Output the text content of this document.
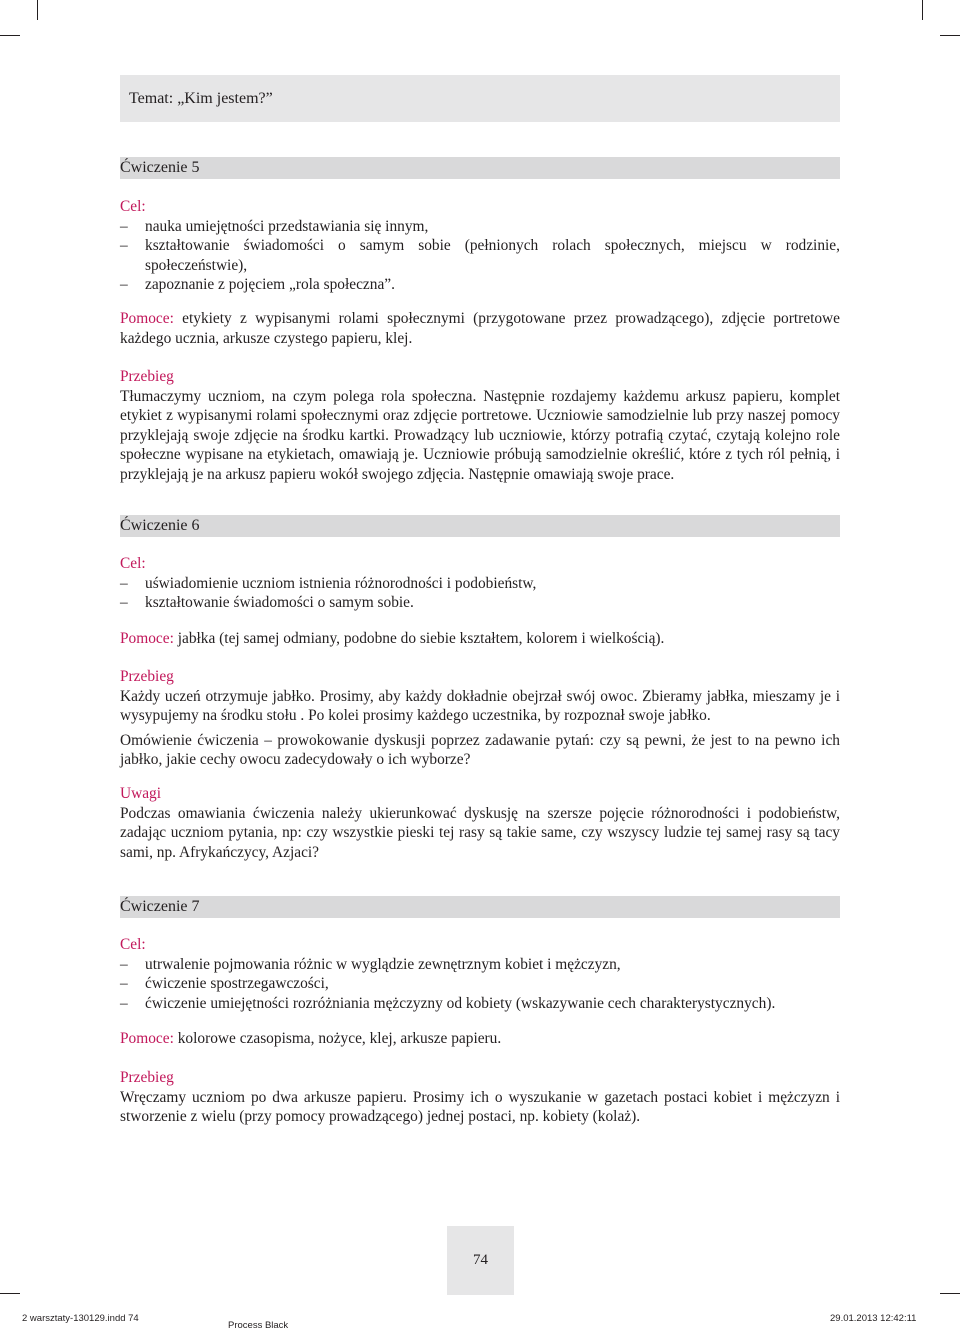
Temat: „Kim jestem?”
Ćwiczenie 5
Cel:
– nauka umiejętności przedstawiania się innym,
– kształtowanie świadomości o samym sobie (pełnionych rolach społecznych, miejscu w rodzinie, społeczeństwie),
– zapoznanie z pojęciem „rola społeczna”.

Pomoce: etykiety z wypisanymi rolami społecznymi (przygotowane przez prowadzącego), zdjęcie portretowe każdego ucznia, arkusze czystego papieru, klej.

Przebieg

Tłumaczymy uczniom, na czym polega rola społeczna. Następnie rozdajemy każdemu arkusz papieru, komplet etykiet z wypisanymi rolami społecznymi oraz zdjęcie portretowe. Uczniowie samodzielnie lub przy naszej pomocy przyklejają swoje zdjęcie na środku kartki. Prowadzący lub uczniowie, którzy potrafią czytać, czytają kolejno role społeczne wypisane na etykietach, omawiają je. Uczniowie próbują samodzielnie określić, które z tych ról pełnią, i przyklejają je na arkusz papieru wokół swojego zdjęcia. Następnie omawiają swoje prace.

Ćwiczenie 6
Cel:
– uświadomienie uczniom istnienia różnorodności i podobieństw,
– kształtowanie świadomości o samym sobie.

Pomoce: jabłka (tej samej odmiany, podobne do siebie kształtem, kolorem i wielkością).

Przebieg

Każdy uczeń otrzymuje jabłko. Prosimy, aby każdy dokładnie obejrzał swój owoc. Zbieramy jabłka, mieszamy je i wysypujemy na środku stołu . Po kolei prosimy każdego uczestnika, by rozpoznał swoje jabłko.

Omówienie ćwiczenia – prowokowanie dyskusji poprzez zadawanie pytań: czy są pewni, że jest to na pewno ich jabłko, jakie cechy owocu zadecydowały o ich wyborze?

Uwagi

Podczas omawiania ćwiczenia należy ukierunkować dyskusję na szersze pojęcie różnorodności i podobieństw, zadając uczniom pytania, np: czy wszystkie pieski tej rasy są takie same, czy wszyscy ludzie tej samej rasy są tacy sami, np. Afrykańczycy, Azjaci?

Ćwiczenie 7
Cel:
– utrwalenie pojmowania różnic w wyglądzie zewnętrznym kobiet i mężczyzn,
– ćwiczenie spostrzegawczości,
– ćwiczenie umiejętności rozróżniania mężczyzny od kobiety (wskazywanie cech charakterystycznych).

Pomoce: kolorowe czasopisma, nożyce, klej, arkusze papieru.

Przebieg

Wręczamy uczniom po dwa arkusze papieru. Prosimy ich o wyszukanie w gazetach postaci kobiet i mężczyzn i stworzenie z wielu (przy pomocy prowadzącego) jednej postaci, np. kobiety (kolaż).

74
2 warsztaty-130129.indd 74	29.01.2013 12:42:11
Process Black
